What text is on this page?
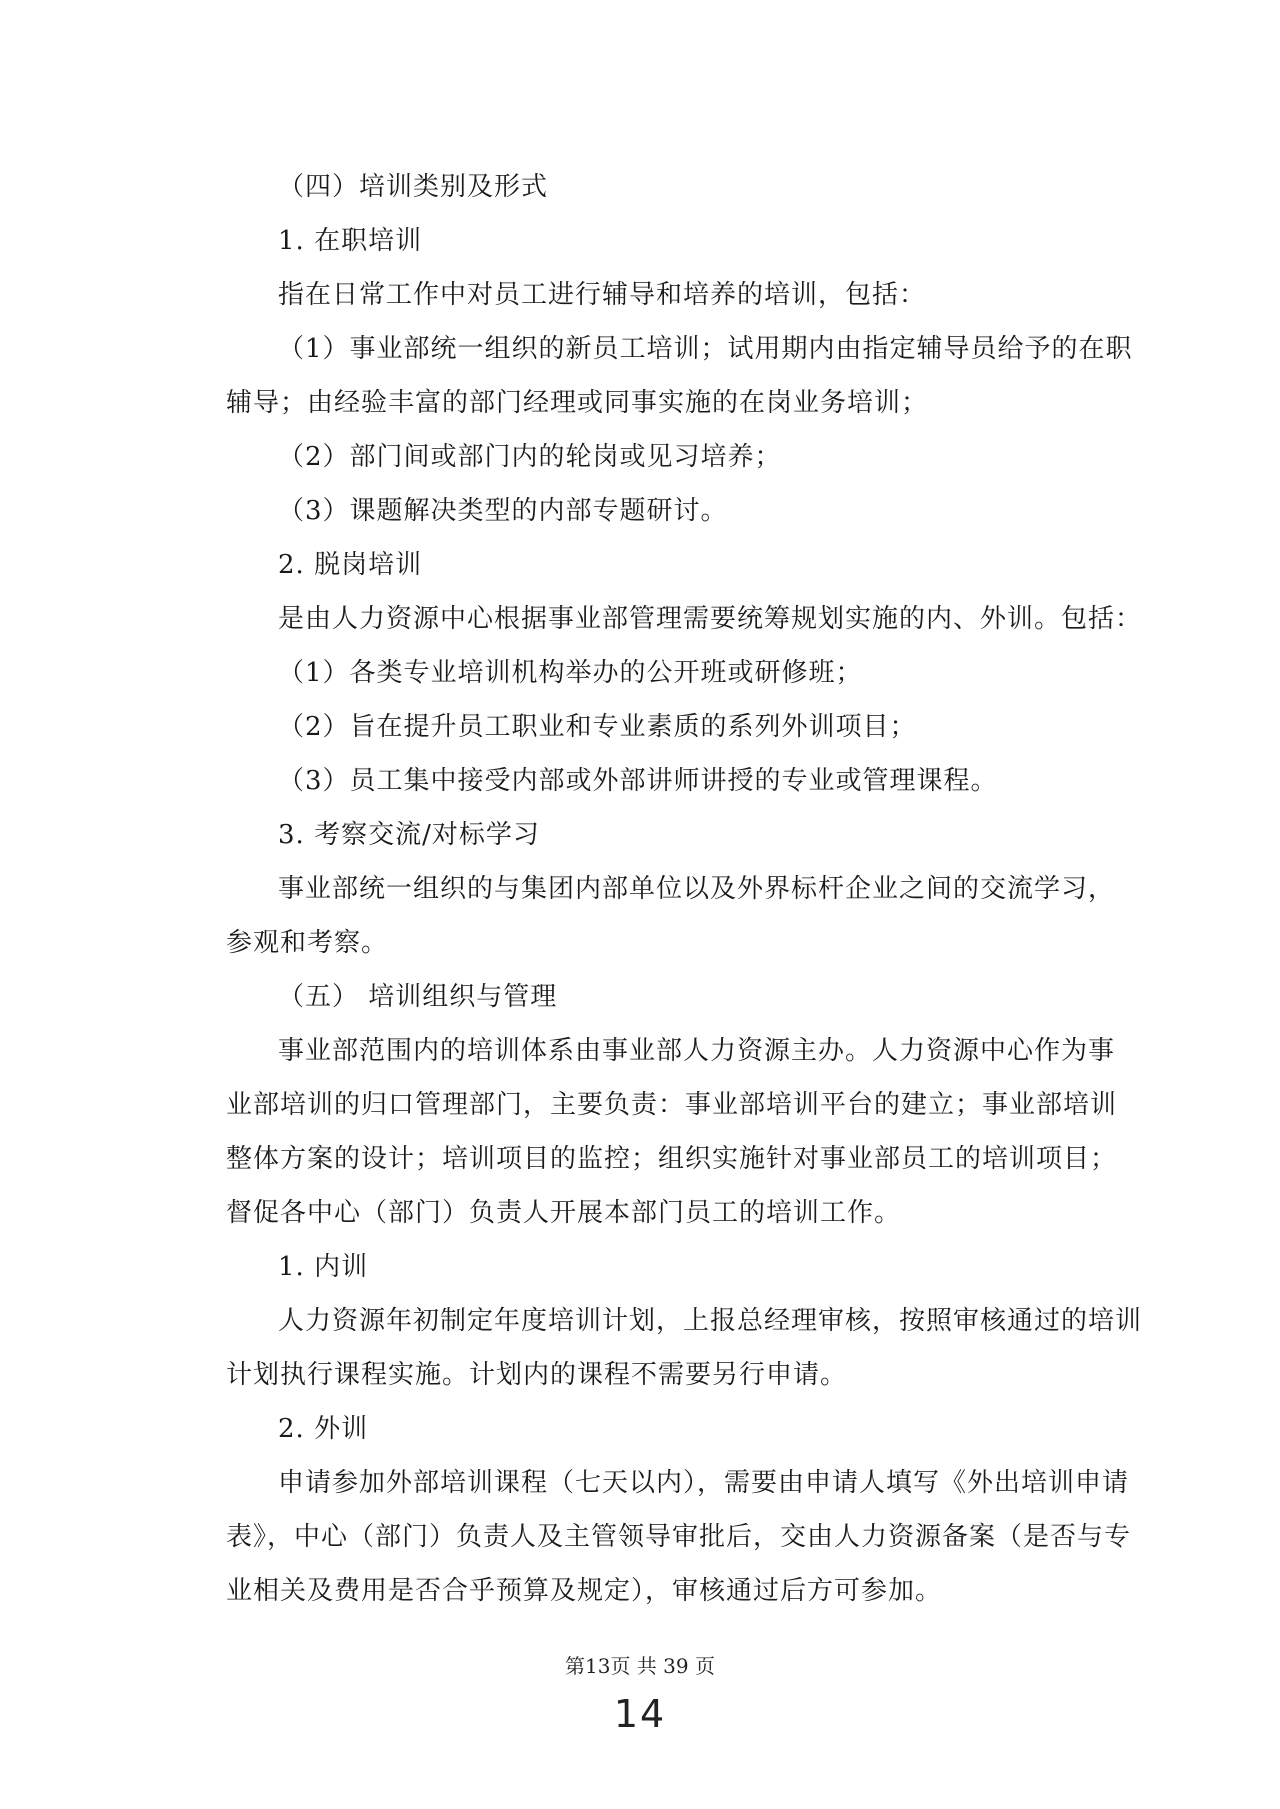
（四）培训类别及形式
1. 在职培训
指在日常工作中对员工进行辅导和培养的培训，包括：
（1）事业部统一组织的新员工培训；试用期内由指定辅导员给予的在职
辅导；由经验丰富的部门经理或同事实施的在岗业务培训；
（2）部门间或部门内的轮岗或见习培养；
（3）课题解决类型的内部专题研讨。
2. 脱岗培训
是由人力资源中心根据事业部管理需要统筹规划实施的内、外训。包括：
（1）各类专业培训机构举办的公开班或研修班；
（2）旨在提升员工职业和专业素质的系列外训项目；
（3）员工集中接受内部或外部讲师讲授的专业或管理课程。
3. 考察交流/对标学习
事业部统一组织的与集团内部单位以及外界标杆企业之间的交流学习，
参观和考察。
（五） 培训组织与管理
事业部范围内的培训体系由事业部人力资源主办。人力资源中心作为事
业部培训的归口管理部门，主要负责：事业部培训平台的建立；事业部培训
整体方案的设计；培训项目的监控；组织实施针对事业部员工的培训项目；
督促各中心（部门）负责人开展本部门员工的培训工作。
1. 内训
人力资源年初制定年度培训计划，上报总经理审核，按照审核通过的培训
计划执行课程实施。计划内的课程不需要另行申请。
2. 外训
申请参加外部培训课程（七天以内），需要由申请人填写《外出培训申请
表》，中心（部门）负责人及主管领导审批后，交由人力资源备案（是否与专
业相关及费用是否合乎预算及规定），审核通过后方可参加。
第13页 共 39 页
14
